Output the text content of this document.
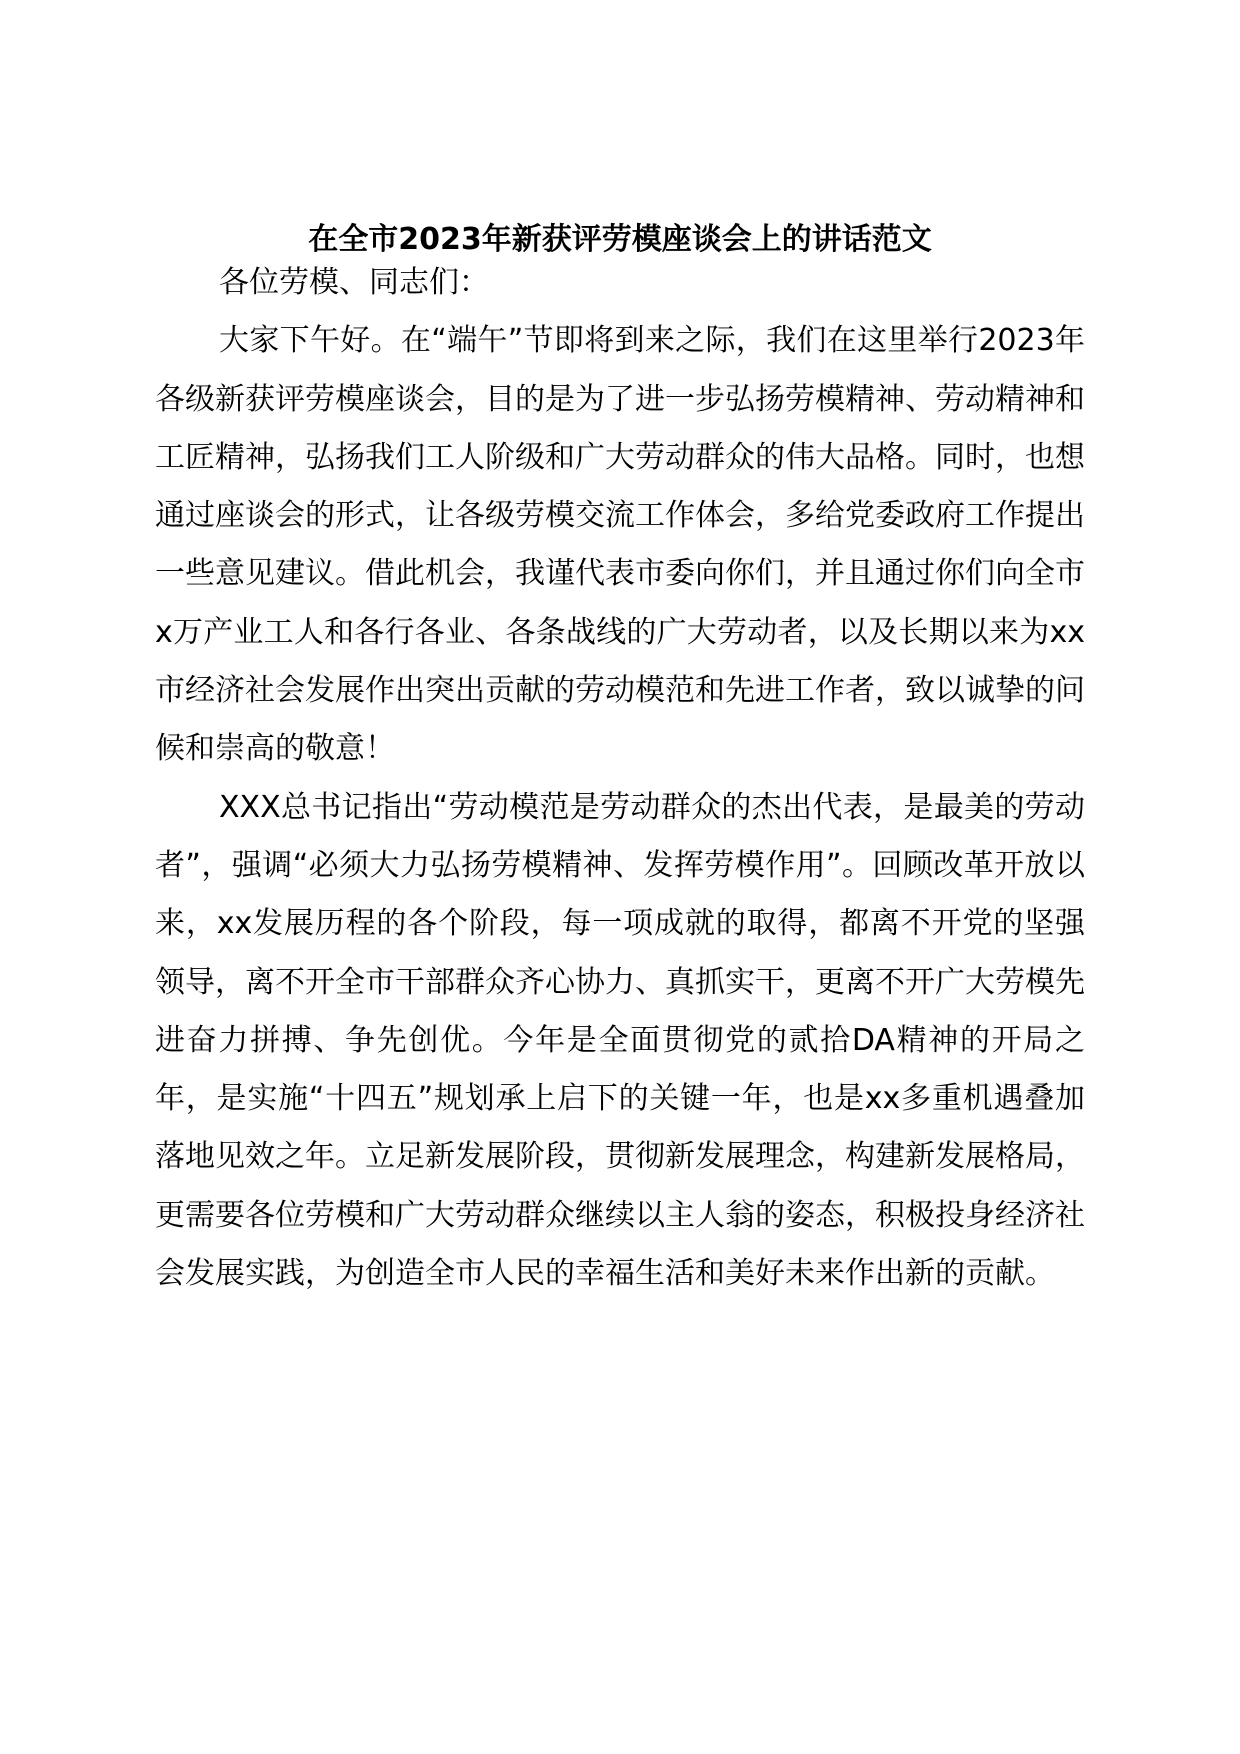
在全市2023年新获评劳模座谈会上的讲话范文

各位劳模、同志们：

大家下午好。在“端午”节即将到来之际，我们在这里举行2023年各级新获评劳模座谈会，目的是为了进一步弘扬劳模精神、劳动精神和工匠精神，弘扬我们工人阶级和广大劳动群众的伟大品格。同时，也想通过座谈会的形式，让各级劳模交流工作体会，多给党委政府工作提出一些意见建议。借此机会，我谨代表市委向你们，并且通过你们向全市x万产业工人和各行各业、各条战线的广大劳动者，以及长期以来为xx市经济社会发展作出突出贡献的劳动模范和先进工作者，致以诚挚的问候和崇高的敬意！

XXX总书记指出“劳动模范是劳动群众的杰出代表，是最美的劳动者”，强调“必须大力弘扬劳模精神、发挥劳模作用”。回顾改革开放以来，xx发展历程的各个阶段，每一项成就的取得，都离不开党的坚强领导，离不开全市干部群众齐心协力、真抓实干，更离不开广大劳模先进奋力拼搏、争先创优。今年是全面贯彻党的贰拾DA精神的开局之年，是实施“十四五”规划承上启下的关键一年，也是xx多重机遇叠加落地见效之年。立足新发展阶段，贯彻新发展理念，构建新发展格局，更需要各位劳模和广大劳动群众继续以主人翁的姿态，积极投身经济社会发展实践，为创造全市人民的幸福生活和美好未来作出新的贡献。
